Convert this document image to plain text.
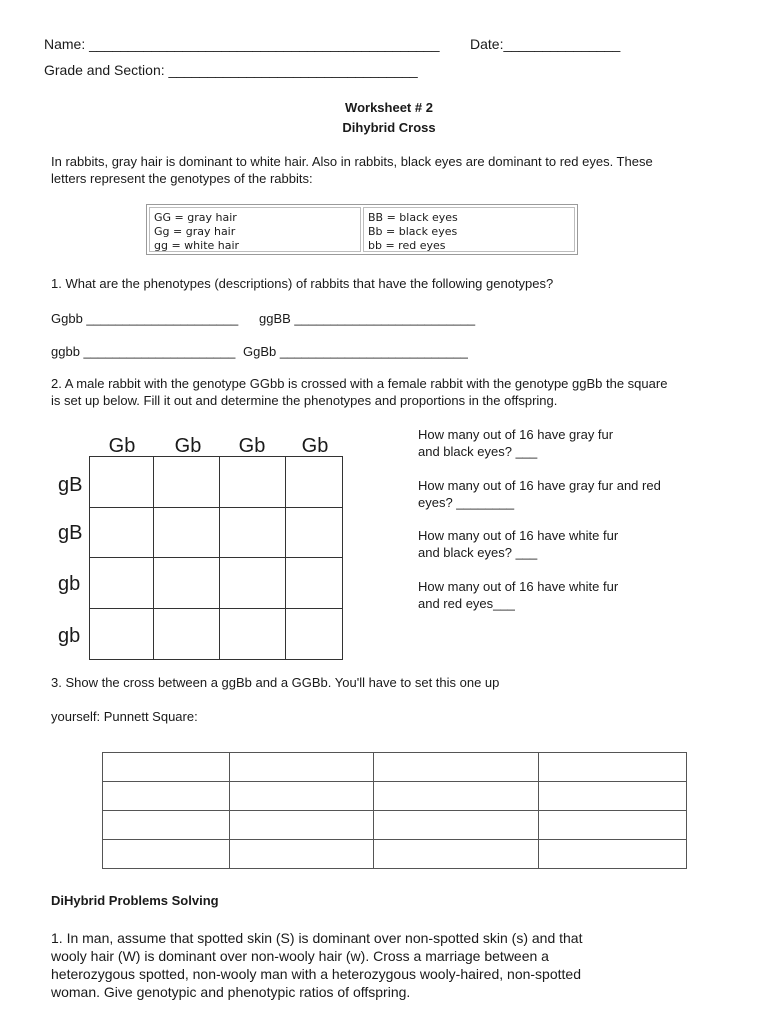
Name: _____________________________________________ Date:_______________
Grade and Section: ________________________________
Worksheet # 2
Dihybrid Cross
In rabbits, gray hair is dominant to white hair. Also in rabbits, black eyes are dominant to red eyes. These
letters represent the genotypes of the rabbits:
GG = gray hair
Gg = gray hair
gg = white hair
BB = black eyes
Bb = black eyes
bb = red eyes
1. What are the phenotypes (descriptions) of rabbits that have the following genotypes?
Ggbb _____________________ ggBB _________________________
ggbb _____________________ GgBb __________________________
2. A male rabbit with the genotype GGbb is crossed with a female rabbit with the genotype ggBb the square
is set up below. Fill it out and determine the phenotypes and proportions in the offspring.
Gb	Gb	Gb	Gb
gB
gB
gb
gb

How many out of 16 have gray fur
and black eyes? ___
How many out of 16 have gray fur and red
eyes? ________
How many out of 16 have white fur
and black eyes? ___
How many out of 16 have white fur
and red eyes___
3. Show the cross between a ggBb and a GGBb. You'll have to set this one up
yourself: Punnett Square:

DiHybrid Problems Solving
1. In man, assume that spotted skin (S) is dominant over non-spotted skin (s) and that
wooly hair (W) is dominant over non-wooly hair (w). Cross a marriage between a
heterozygous spotted, non-wooly man with a heterozygous wooly-haired, non-spotted
woman. Give genotypic and phenotypic ratios of offspring.
